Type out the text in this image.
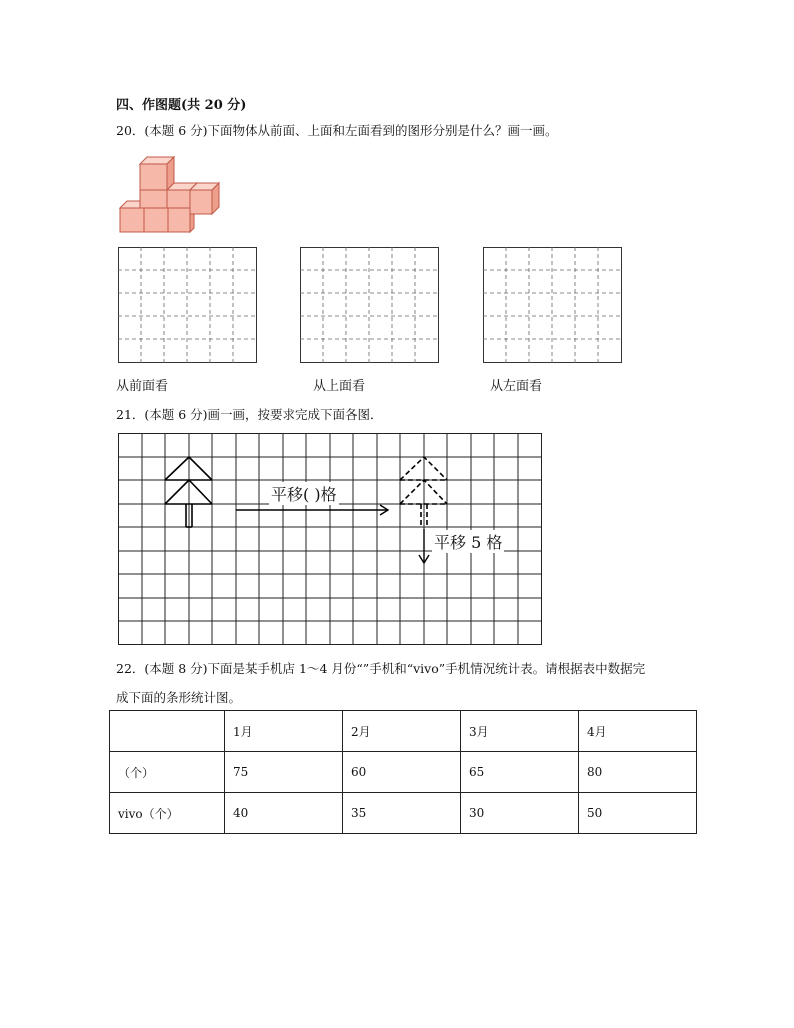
四、作图题(共 20 分)
20．(本题 6 分)下面物体从前面、上面和左面看到的图形分别是什么？画一画。
从前面看	从上面看	从左面看
21．(本题 6 分)画一画，按要求完成下面各图．
平移( )格
平移 5 格
22．(本题 8 分)下面是某手机店 1～4 月份“”手机和“vivo”手机情况统计表。请根据表中数据完
成下面的条形统计图。
	1月	2月	3月	4月
（个）	75	60	65	80
vivo（个）	40	35	30	50
